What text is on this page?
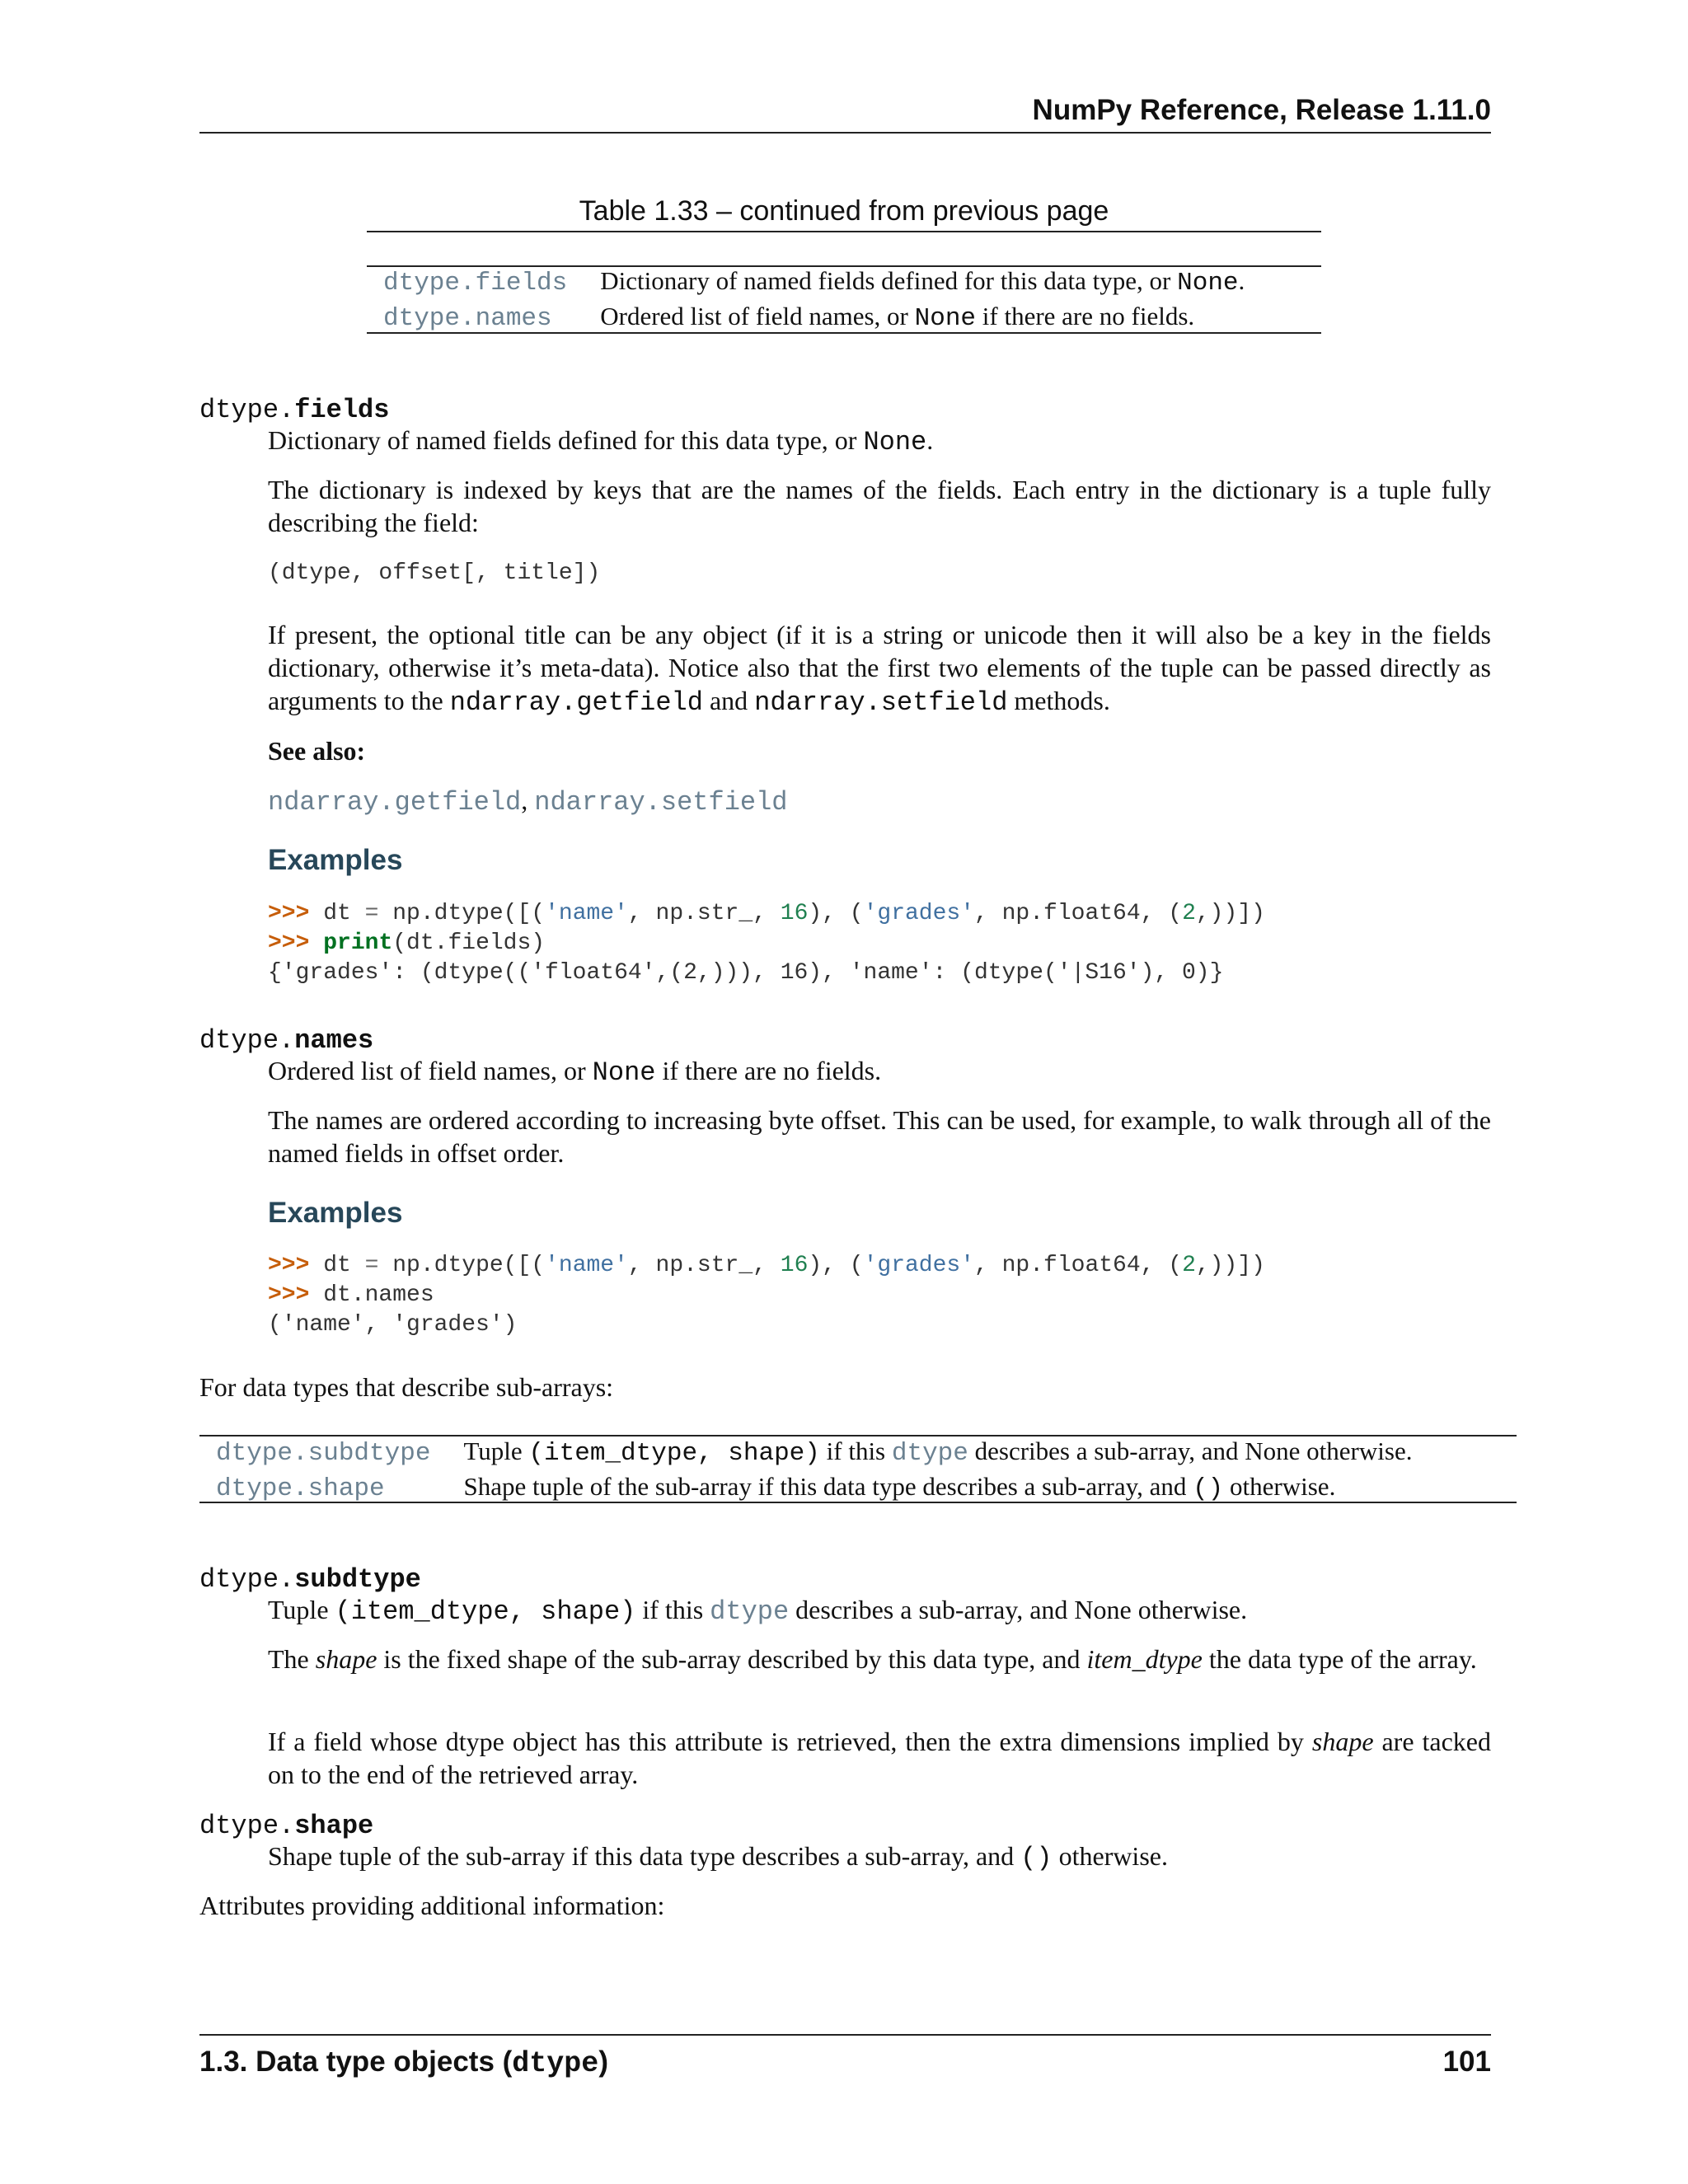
NumPy Reference, Release 1.11.0
Table 1.33 – continued from previous page
dtype.fields	Dictionary of named fields defined for this data type, or None.
dtype.names	Ordered list of field names, or None if there are no fields.
dtype.fields
Dictionary of named fields defined for this data type, or None.
The dictionary is indexed by keys that are the names of the fields. Each entry in the dictionary is a tuple fully describing the field:
(dtype, offset[, title])
If present, the optional title can be any object (if it is a string or unicode then it will also be a key in the fields dictionary, otherwise it’s meta-data). Notice also that the first two elements of the tuple can be passed directly as arguments to the ndarray.getfield and ndarray.setfield methods.
See also:
ndarray.getfield, ndarray.setfield
Examples
>>> dt = np.dtype([('name', np.str_, 16), ('grades', np.float64, (2,))])
>>> print(dt.fields)
{'grades': (dtype(('float64',(2,))), 16), 'name': (dtype('|S16'), 0)}
dtype.names
Ordered list of field names, or None if there are no fields.
The names are ordered according to increasing byte offset. This can be used, for example, to walk through all of the named fields in offset order.
Examples
>>> dt = np.dtype([('name', np.str_, 16), ('grades', np.float64, (2,))])
>>> dt.names
('name', 'grades')
For data types that describe sub-arrays:
dtype.subdtype	Tuple (item_dtype, shape) if this dtype describes a sub-array, and None otherwise.
dtype.shape	Shape tuple of the sub-array if this data type describes a sub-array, and () otherwise.
dtype.subdtype
Tuple (item_dtype, shape) if this dtype describes a sub-array, and None otherwise.
The shape is the fixed shape of the sub-array described by this data type, and item_dtype the data type of the array.
If a field whose dtype object has this attribute is retrieved, then the extra dimensions implied by shape are tacked on to the end of the retrieved array.
dtype.shape
Shape tuple of the sub-array if this data type describes a sub-array, and () otherwise.
Attributes providing additional information:
1.3. Data type objects (dtype)	101
